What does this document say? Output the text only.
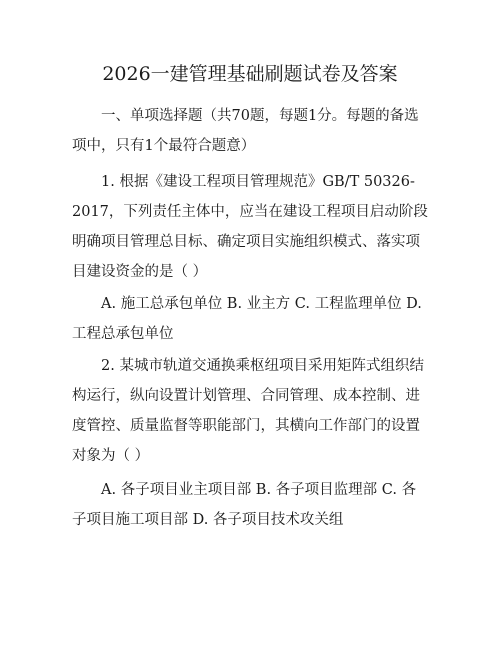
2026一建管理基础刷题试卷及答案

一、单项选择题（共70题，每题1分。每题的备选项中，只有1个最符合题意）

1. 根据《建设工程项目管理规范》GB/T 50326-2017，下列责任主体中，应当在建设工程项目启动阶段明确项目管理总目标、确定项目实施组织模式、落实项目建设资金的是（ ）

A. 施工总承包单位 B. 业主方 C. 工程监理单位 D. 工程总承包单位

2. 某城市轨道交通换乘枢纽项目采用矩阵式组织结构运行，纵向设置计划管理、合同管理、成本控制、进度管控、质量监督等职能部门，其横向工作部门的设置对象为（ ）

A. 各子项目业主项目部 B. 各子项目监理部 C. 各子项目施工项目部 D. 各子项目技术攻关组
